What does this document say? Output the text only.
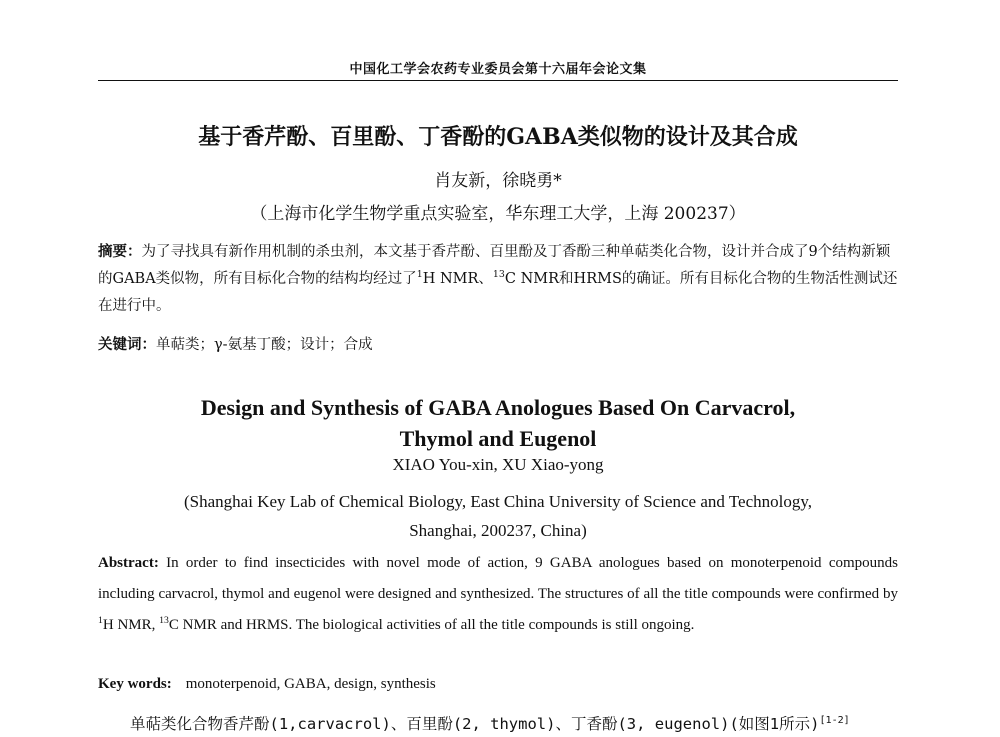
中国化工学会农药专业委员会第十六届年会论文集
基于香芹酚、百里酚、丁香酚的GABA类似物的设计及其合成
肖友新，徐晓勇*
（上海市化学生物学重点实验室，华东理工大学，上海 200237）
摘要：为了寻找具有新作用机制的杀虫剂，本文基于香芹酚、百里酚及丁香酚三种单萜类化合物，设计并合成了9个结构新颖的GABA类似物，所有目标化合物的结构均经过了$^1$H NMR、$^{13}$C NMR和HRMS的确证。所有目标化合物的生物活性测试还在进行中。
关键词：单萜类；γ-氨基丁酸；设计；合成
Design and Synthesis of GABA Anologues Based On Carvacrol,
Thymol and Eugenol
XIAO You-xin, XU Xiao-yong
(Shanghai Key Lab of Chemical Biology, East China University of Science and Technology,
Shanghai, 200237, China)
Abstract: In order to find insecticides with novel mode of action, 9 GABA anologues based on monoterpenoid compounds including carvacrol, thymol and eugenol were designed and synthesized. The structures of all the title compounds were confirmed by $^1$H NMR, $^{13}$C NMR and HRMS. The biological activities of all the title compounds is still ongoing.
Key words: monoterpenoid, GABA, design, synthesis
单萜类化合物香芹酚(1,carvacrol)、百里酚(2, thymol)、丁香酚(3, eugenol)(如图1所示)[1-2]
